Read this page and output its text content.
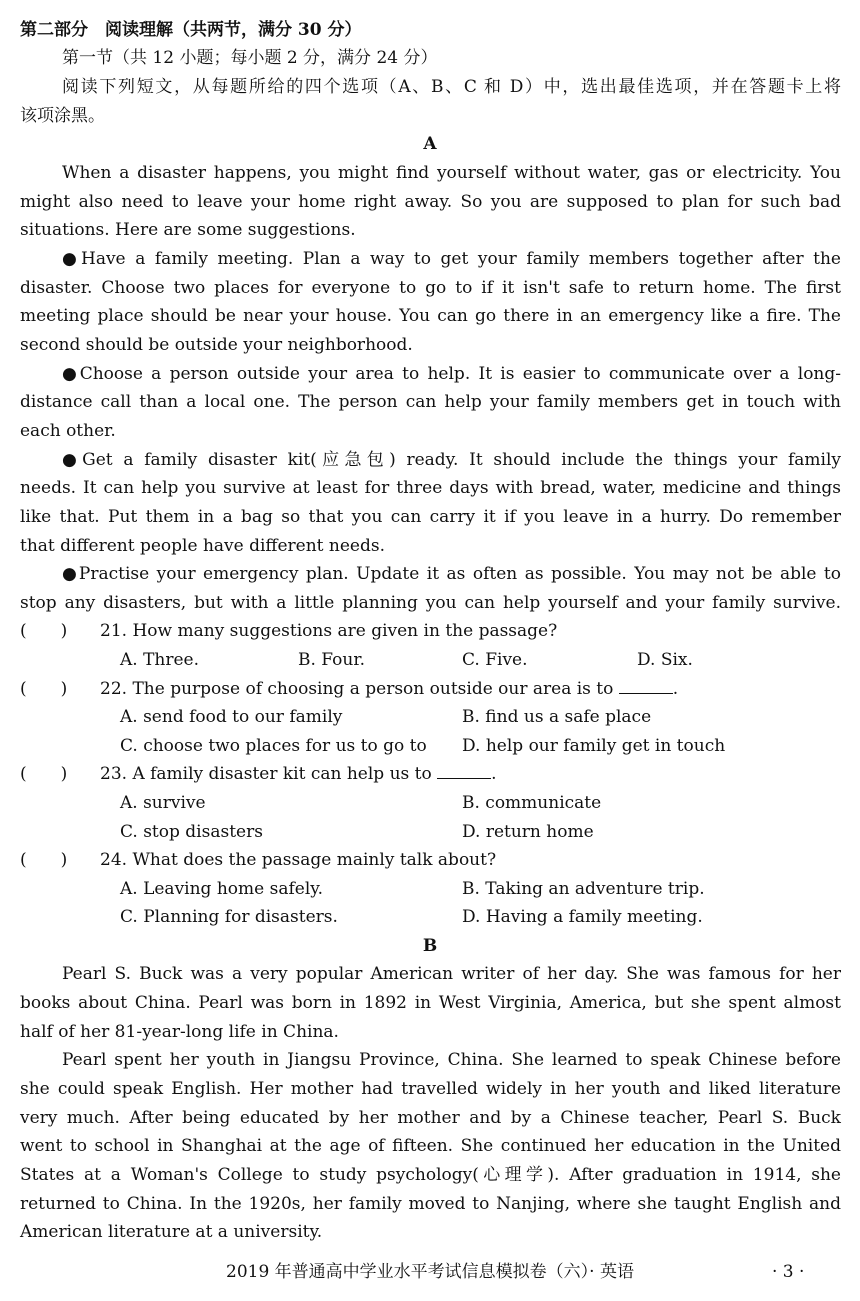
第二部分　阅读理解（共两节，满分 30 分）
第一节（共 12 小题；每小题 2 分，满分 24 分）
阅读下列短文，从每题所给的四个选项（A、B、C 和 D）中，选出最佳选项，并在答题卡上将
该项涂黑。
A
When a disaster happens, you might find yourself without water, gas or electricity. You
might also need to leave your home right away. So you are supposed to plan for such bad
situations. Here are some suggestions.
●Have a family meeting. Plan a way to get your family members together after the
disaster. Choose two places for everyone to go to if it isn't safe to return home. The first
meeting place should be near your house. You can go there in an emergency like a fire. The
second should be outside your neighborhood.
●Choose a person outside your area to help. It is easier to communicate over a long-
distance call than a local one. The person can help your family members get in touch with
each other.
●Get a family disaster kit(应急包) ready. It should include the things your family
needs. It can help you survive at least for three days with bread, water, medicine and things
like that. Put them in a bag so that you can carry it if you leave in a hurry. Do remember
that different people have different needs.
●Practise your emergency plan. Update it as often as possible. You may not be able to
stop any disasters, but with a little planning you can help yourself and your family survive.
(　　) 21. How many suggestions are given in the passage?
A. Three.	B. Four.	C. Five.	D. Six.
(　　) 22. The purpose of choosing a person outside our area is to	.
A. send food to our family	B. find us a safe place
C. choose two places for us to go to D. help our family get in touch
(　　) 23. A family disaster kit can help us to	.
A. survive	B. communicate
C. stop disasters	D. return home
(　　) 24. What does the passage mainly talk about?
A. Leaving home safely.	B. Taking an adventure trip.
C. Planning for disasters.	D. Having a family meeting.
B
Pearl S. Buck was a very popular American writer of her day. She was famous for her
books about China. Pearl was born in 1892 in West Virginia, America, but she spent almost
half of her 81-year-long life in China.
Pearl spent her youth in Jiangsu Province, China. She learned to speak Chinese before
she could speak English. Her mother had travelled widely in her youth and liked literature
very much. After being educated by her mother and by a Chinese teacher, Pearl S. Buck
went to school in Shanghai at the age of fifteen. She continued her education in the United
States at a Woman's College to study psychology(心理学). After graduation in 1914, she
returned to China. In the 1920s, her family moved to Nanjing, where she taught English and
American literature at a university.
2019 年普通高中学业水平考试信息模拟卷（六）· 英语	· 3 ·
